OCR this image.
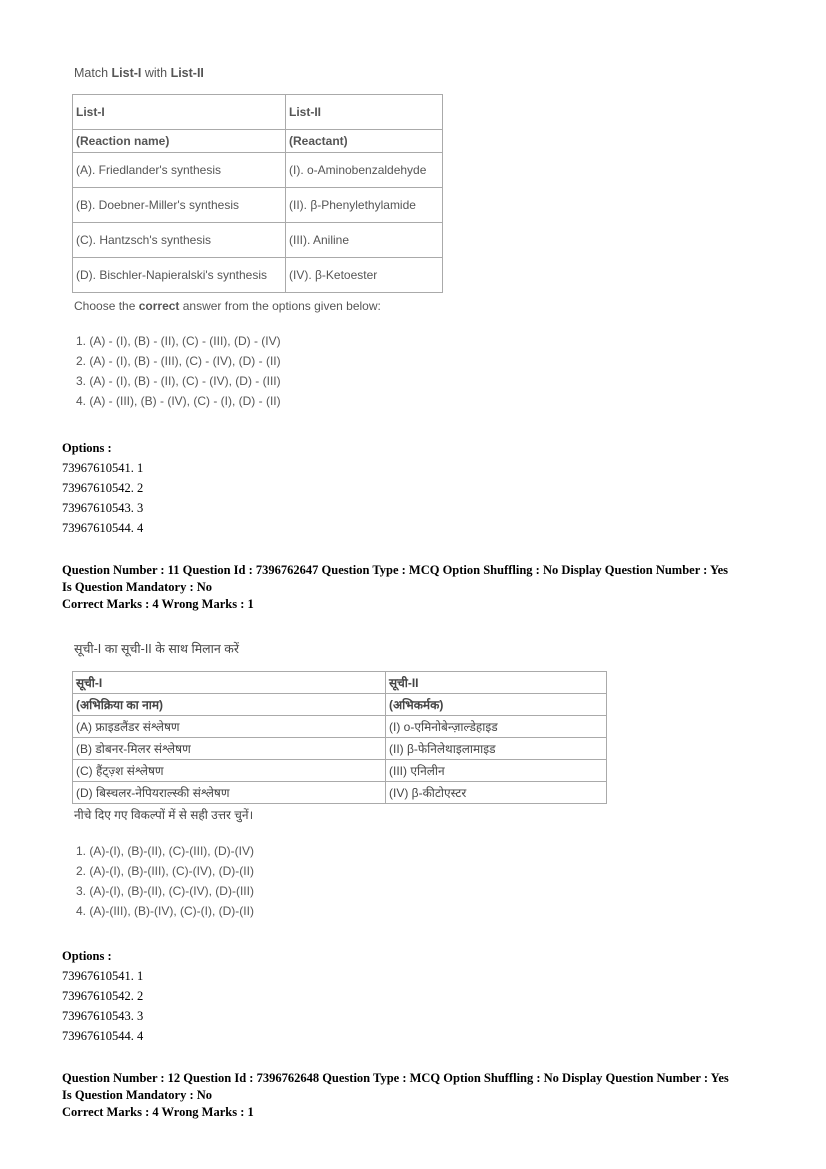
Match List-I with List-II

List-I	List-II
(Reaction name)	(Reactant)
(A). Friedlander's synthesis	(I). o-Aminobenzaldehyde
(B). Doebner-Miller's synthesis	(II). β-Phenylethylamide
(C). Hantzsch's synthesis	(III). Aniline
(D). Bischler-Napieralski's synthesis	(IV). β-Ketoester

Choose the correct answer from the options given below:

1. (A) - (I), (B) - (II), (C) - (III), (D) - (IV)
2. (A) - (I), (B) - (III), (C) - (IV), (D) - (II)
3. (A) - (I), (B) - (II), (C) - (IV), (D) - (III)
4. (A) - (III), (B) - (IV), (C) - (I), (D) - (II)
Options :
73967610541. 1
73967610542. 2
73967610543. 3
73967610544. 4
Question Number : 11 Question Id : 7396762647 Question Type : MCQ Option Shuffling : No Display Question Number : Yes
Is Question Mandatory : No
Correct Marks : 4 Wrong Marks : 1

सूची-I का सूची-II के साथ मिलान करें

सूची-I	सूची-II
(अभिक्रिया का नाम)	(अभिकर्मक)
(A) फ्राइडलैंडर संश्लेषण	(I) o-एमिनोबेन्ज़ाल्डेहाइड
(B) डोबनर-मिलर संश्लेषण	(II) β-फेनिलेथाइलामाइड
(C) हैंट्ज़्श संश्लेषण	(III) एनिलीन
(D) बिस्चलर-नेपियराल्स्की संश्लेषण	(IV) β-कीटोएस्टर

नीचे दिए गए विकल्पों में से सही उत्तर चुनें।

1. (A)-(I), (B)-(II), (C)-(III), (D)-(IV)
2. (A)-(I), (B)-(III), (C)-(IV), (D)-(II)
3. (A)-(I), (B)-(II), (C)-(IV), (D)-(III)
4. (A)-(III), (B)-(IV), (C)-(I), (D)-(II)
Options :
73967610541. 1
73967610542. 2
73967610543. 3
73967610544. 4
Question Number : 12 Question Id : 7396762648 Question Type : MCQ Option Shuffling : No Display Question Number : Yes
Is Question Mandatory : No
Correct Marks : 4 Wrong Marks : 1
